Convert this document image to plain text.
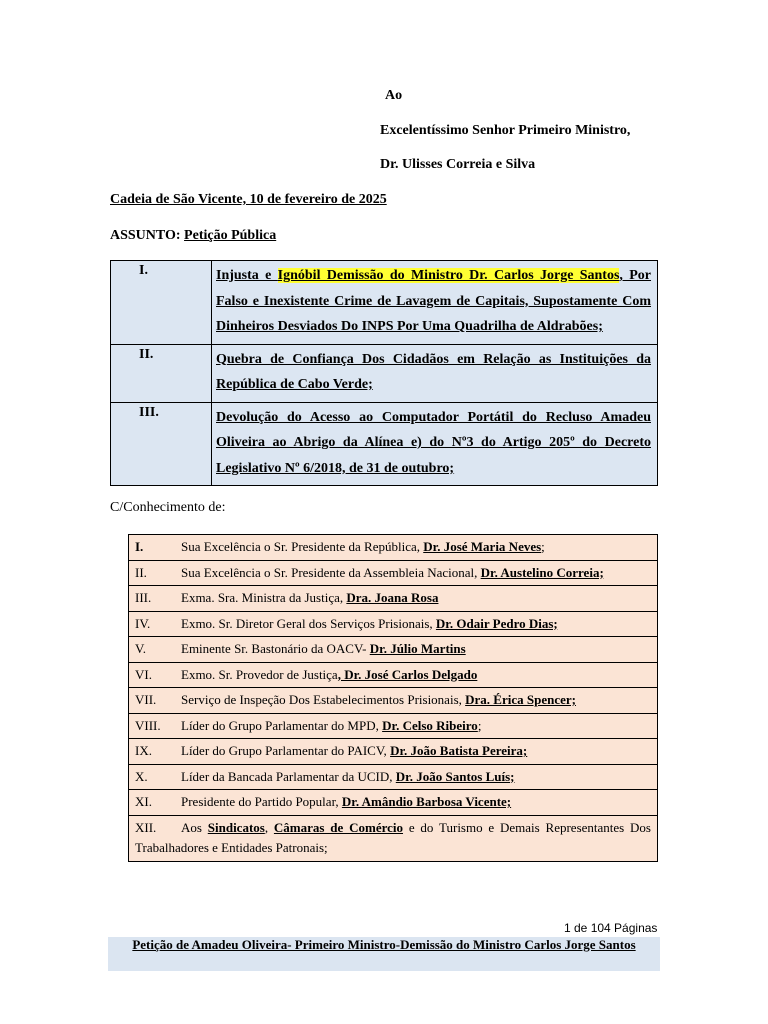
Ao
Excelentíssimo Senhor Primeiro Ministro,
Dr. Ulisses Correia e Silva
Cadeia de São Vicente, 10 de fevereiro de 2025
ASSUNTO: Petição Pública
I.	Injusta e Ignóbil Demissão do Ministro Dr. Carlos Jorge Santos, Por Falso e Inexistente Crime de Lavagem de Capitais, Supostamente Com Dinheiros Desviados Do INPS Por Uma Quadrilha de Aldrabões;
II.	Quebra de Confiança Dos Cidadãos em Relação as Instituições da República de Cabo Verde;
III.	Devolução do Acesso ao Computador Portátil do Recluso Amadeu Oliveira ao Abrigo da Alínea e) do Nº3 do Artigo 205º do Decreto Legislativo Nº 6/2018, de 31 de outubro;
C/Conhecimento de:
I.	Sua Excelência o Sr. Presidente da República, Dr. José Maria Neves;
II.	Sua Excelência o Sr. Presidente da Assembleia Nacional, Dr. Austelino Correia;
III. Exma. Sra. Ministra da Justiça, Dra. Joana Rosa
IV. Exmo. Sr. Diretor Geral dos Serviços Prisionais, Dr. Odair Pedro Dias;
V.	Eminente Sr. Bastonário da OACV- Dr. Júlio Martins
VI. Exmo. Sr. Provedor de Justiça, Dr. José Carlos Delgado
VII. Serviço de Inspeção Dos Estabelecimentos Prisionais, Dra. Érica Spencer;
VIII. Líder do Grupo Parlamentar do MPD, Dr. Celso Ribeiro;
IX. Líder do Grupo Parlamentar do PAICV, Dr. João Batista Pereira;
X.	Líder da Bancada Parlamentar da UCID, Dr. João Santos Luís;
XI. Presidente do Partido Popular, Dr. Amândio Barbosa Vicente;
XII. Aos Sindicatos, Câmaras de Comércio e do Turismo e Demais Representantes Dos Trabalhadores e Entidades Patronais;
1 de 104 Páginas
Petição de Amadeu Oliveira- Primeiro Ministro-Demissão do Ministro Carlos Jorge Santos
